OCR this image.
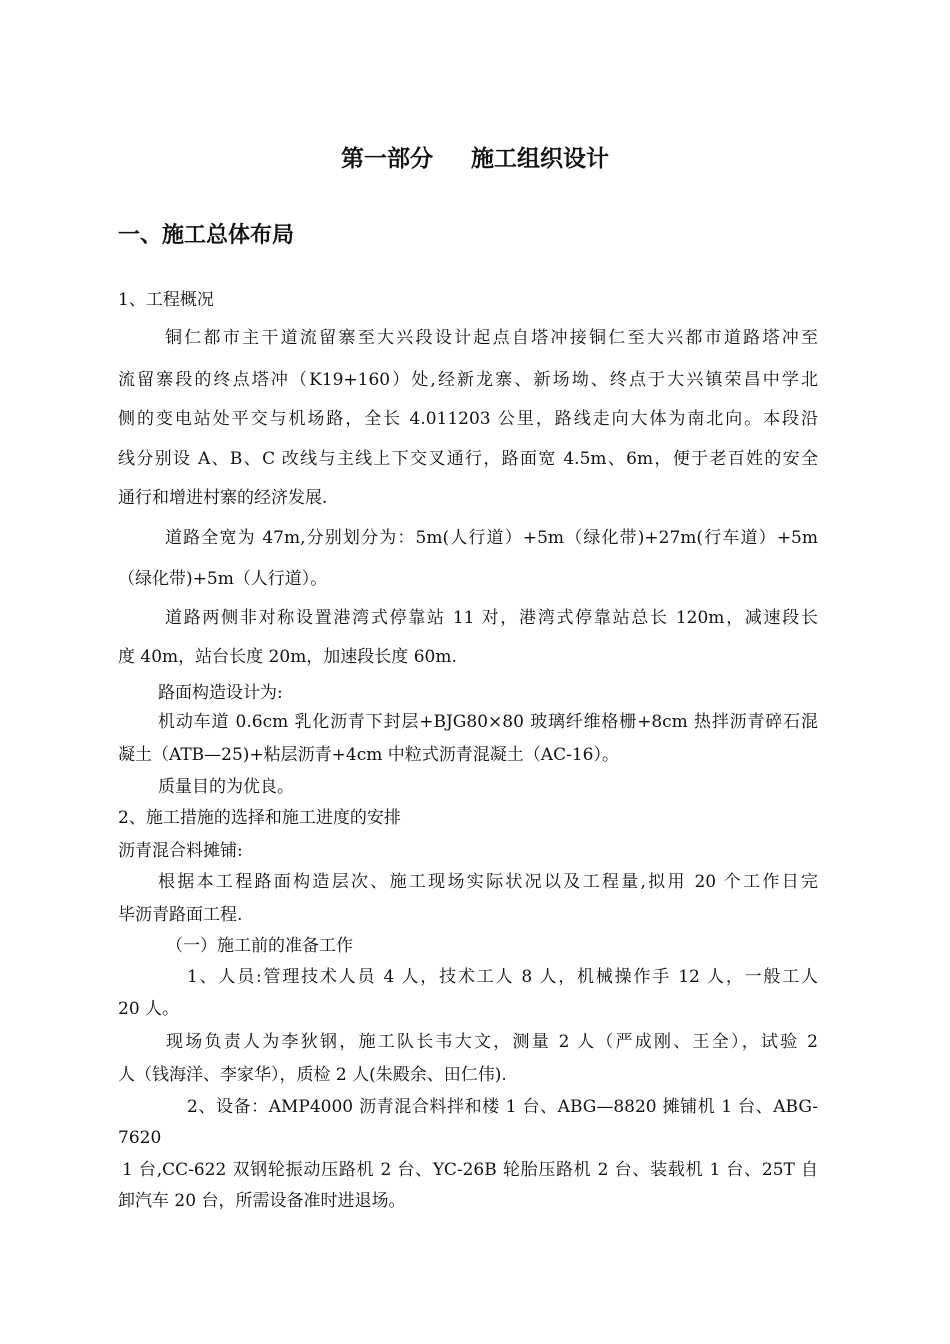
第一部分 施工组织设计
一、施工总体布局
1、工程概况
铜仁都市主干道流留寨至大兴段设计起点自塔冲接铜仁至大兴都市道路塔冲至
流留寨段的终点塔冲（K19+160）处,经新龙寨、新场坳、终点于大兴镇荣昌中学北
侧的变电站处平交与机场路，全长 4.011203 公里，路线走向大体为南北向。本段沿
线分别设 A、B、C 改线与主线上下交叉通行，路面宽 4.5m、6m，便于老百姓的安全
通行和增进村寨的经济发展.
道路全宽为 47m,分别划分为：5m(人行道）+5m（绿化带)+27m(行车道）+5m
（绿化带)+5m（人行道）。
道路两侧非对称设置港湾式停靠站 11 对，港湾式停靠站总长 120m，减速段长
度 40m，站台长度 20m，加速段长度 60m.
路面构造设计为:
机动车道 0.6cm 乳化沥青下封层+BJG80×80 玻璃纤维格栅+8cm 热拌沥青碎石混
凝土（ATB—25)+粘层沥青+4cm 中粒式沥青混凝土（AC-16）。
质量目的为优良。
2、施工措施的选择和施工进度的安排
沥青混合料摊铺:
根据本工程路面构造层次、施工现场实际状况以及工程量,拟用 20 个工作日完
毕沥青路面工程.
（一）施工前的准备工作
1、人员:管理技术人员 4 人，技术工人 8 人，机械操作手 12 人，一般工人
20 人。
现场负责人为李狄钢，施工队长韦大文，测量 2 人（严成刚、王全），试验 2
人（钱海洋、李家华），质检 2 人(朱殿余、田仁伟).
2、设备：AMP4000 沥青混合料拌和楼 1 台、ABG—8820 摊铺机 1 台、ABG-
7620
1 台,CC-622 双钢轮振动压路机 2 台、YC-26B 轮胎压路机 2 台、装载机 1 台、25T 自
卸汽车 20 台，所需设备准时进退场。
